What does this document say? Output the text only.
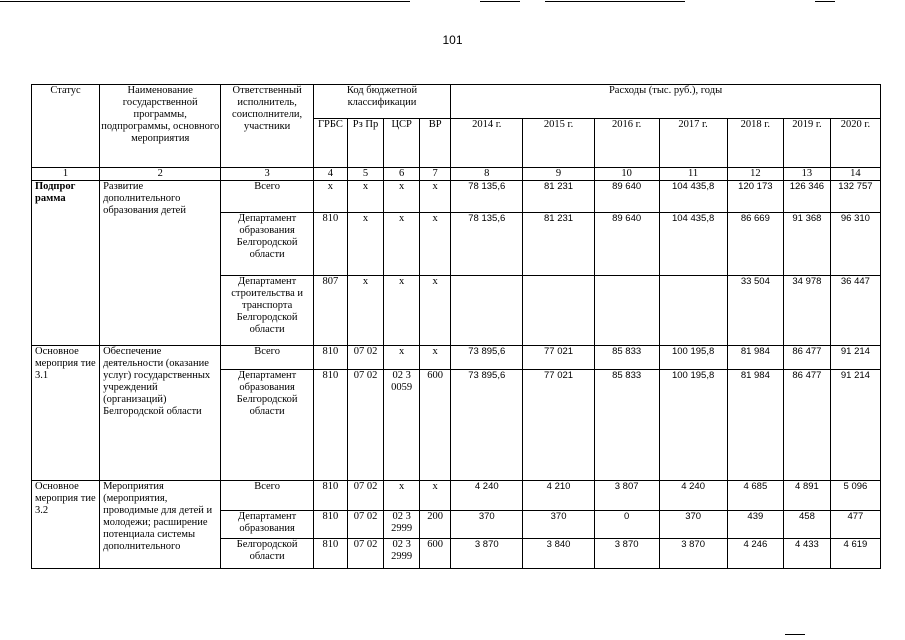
101
Статус	Наименование государственной программы, подпрограммы, основного мероприятия	Ответственный исполнитель, соисполнители, участники	Код бюджетной классификации				Расходы (тыс. руб.), годы						
			ГРБС	Рз Пр	ЦСР	ВР	2014 г.	2015 г.	2016 г.	2017 г.	2018 г.	2019 г.	2020 г.
1	2	3	4	5	6	7	8	9	10	11	12	13	14
Подпрог рамма	Развитие дополнительного образования детей	Всего	х	х	х	х	78 135,6	81 231	89 640	104 435,8	120 173	126 346	132 757
		Департамент образования Белгородской области	810	х	х	х	78 135,6	81 231	89 640	104 435,8	86 669	91 368	96 310
		Департамент строительства и транспорта Белгородской области	807	х	х	х					33 504	34 978	36 447
Основное мероприя тие 3.1	Обеспечение деятельности (оказание услуг) государственных учреждений (организаций) Белгородской области	Всего	810	07 02	х	х	73 895,6	77 021	85 833	100 195,8	81 984	86 477	91 214
		Департамент образования Белгородской области	810	07 02	02 3 0059	600	73 895,6	77 021	85 833	100 195,8	81 984	86 477	91 214
Основное мероприя тие 3.2	Мероприятия (мероприятия, проводимые для детей и молодежи; расширение потенциала системы дополнительного	Всего	810	07 02	х	х	4 240	4 210	3 807	4 240	4 685	4 891	5 096
		Департамент образования	810	07 02	02 3 2999	200	370	370	0	370	439	458	477
		Белгородской области	810	07 02	02 3 2999	600	3 870	3 840	3 870	3 870	4 246	4 433	4 619
